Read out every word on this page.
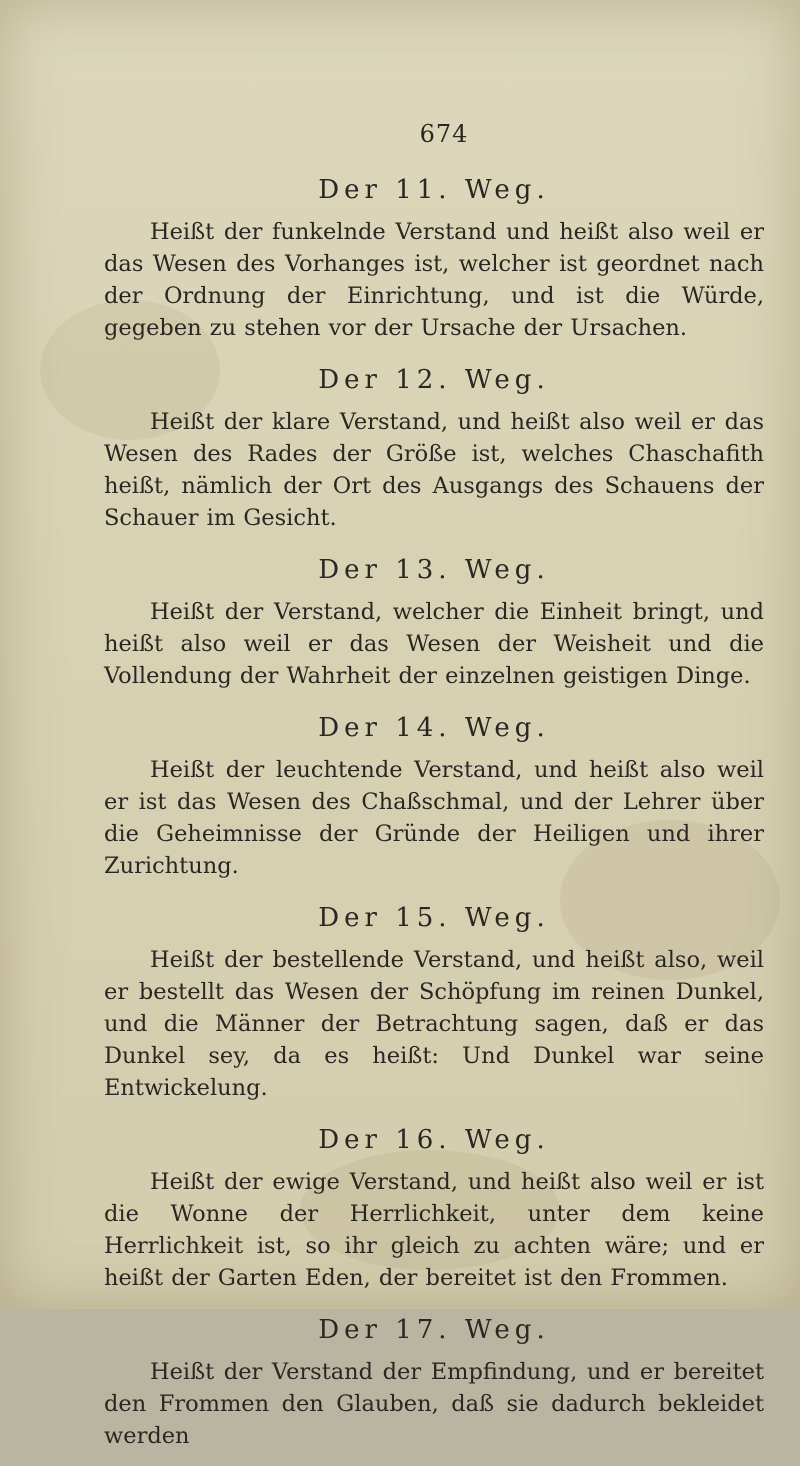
674
Der 11. Weg.
Heißt der funkelnde Verstand und heißt also weil er das Wesen des Vorhanges ist, welcher ist geordnet nach der Ordnung der Einrichtung, und ist die Würde, gegeben zu stehen vor der Ursache der Ursachen.
Der 12. Weg.
Heißt der klare Verstand, und heißt also weil er das Wesen des Rades der Größe ist, welches Chaschafith heißt, nämlich der Ort des Ausgangs des Schauens der Schauer im Gesicht.
Der 13. Weg.
Heißt der Verstand, welcher die Einheit bringt, und heißt also weil er das Wesen der Weisheit und die Vollendung der Wahrheit der einzelnen geistigen Dinge.
Der 14. Weg.
Heißt der leuchtende Verstand, und heißt also weil er ist das Wesen des Chaßschmal, und der Lehrer über die Geheimnisse der Gründe der Heiligen und ihrer Zurichtung.
Der 15. Weg.
Heißt der bestellende Verstand, und heißt also, weil er bestellt das Wesen der Schöpfung im reinen Dunkel, und die Männer der Betrachtung sagen, daß er das Dunkel sey, da es heißt: Und Dunkel war seine Entwickelung.
Der 16. Weg.
Heißt der ewige Verstand, und heißt also weil er ist die Wonne der Herrlichkeit, unter dem keine Herrlichkeit ist, so ihr gleich zu achten wäre; und er heißt der Garten Eden, der bereitet ist den Frommen.
Der 17. Weg.
Heißt der Verstand der Empfindung, und er bereitet den Frommen den Glauben, daß sie dadurch bekleidet werden
